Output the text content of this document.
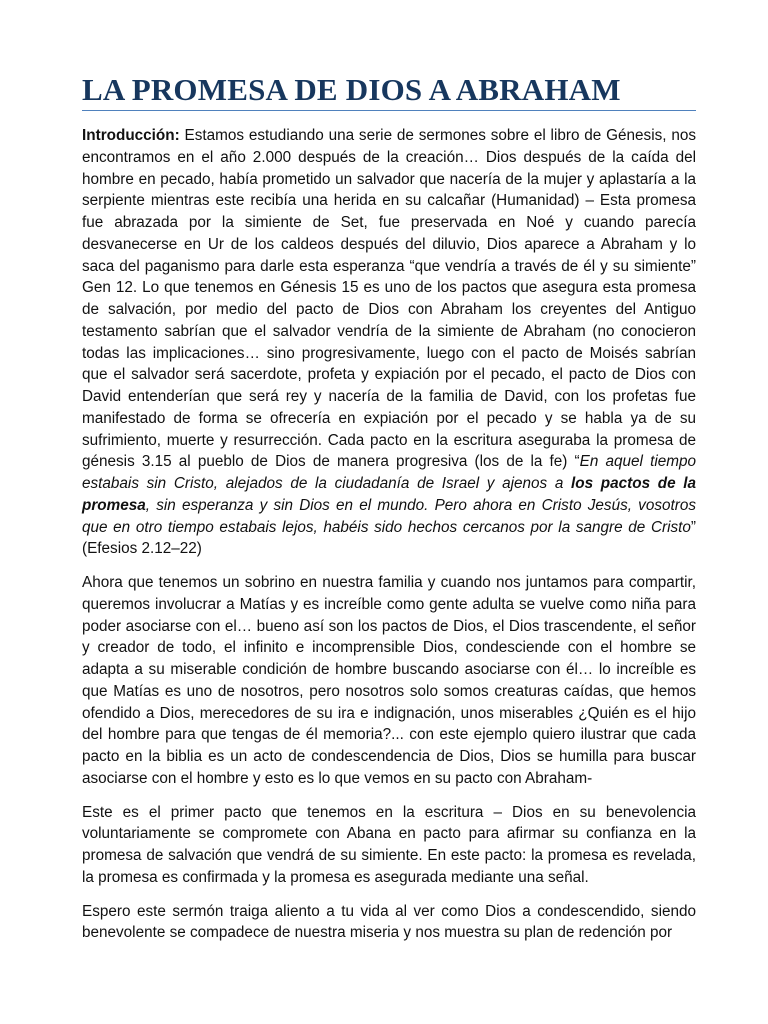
LA PROMESA DE DIOS A ABRAHAM

Introducción: Estamos estudiando una serie de sermones sobre el libro de Génesis, nos encontramos en el año 2.000 después de la creación… Dios después de la caída del hombre en pecado, había prometido un salvador que nacería de la mujer y aplastaría a la serpiente mientras este recibía una herida en su calcañar (Humanidad) – Esta promesa fue abrazada por la simiente de Set, fue preservada en Noé y cuando parecía desvanecerse en Ur de los caldeos después del diluvio, Dios aparece a Abraham y lo saca del paganismo para darle esta esperanza “que vendría a través de él y su simiente” Gen 12. Lo que tenemos en Génesis 15 es uno de los pactos que asegura esta promesa de salvación, por medio del pacto de Dios con Abraham los creyentes del Antiguo testamento sabrían que el salvador vendría de la simiente de Abraham (no conocieron todas las implicaciones… sino progresivamente, luego con el pacto de Moisés sabrían que el salvador será sacerdote, profeta y expiación por el pecado, el pacto de Dios con David entenderían que será rey y nacería de la familia de David, con los profetas fue manifestado de forma se ofrecería en expiación por el pecado y se habla ya de su sufrimiento, muerte y resurrección. Cada pacto en la escritura aseguraba la promesa de génesis 3.15 al pueblo de Dios de manera progresiva (los de la fe) “En aquel tiempo estabais sin Cristo, alejados de la ciudadanía de Israel y ajenos a los pactos de la promesa, sin esperanza y sin Dios en el mundo. Pero ahora en Cristo Jesús, vosotros que en otro tiempo estabais lejos, habéis sido hechos cercanos por la sangre de Cristo” (Efesios 2.12–22)

Ahora que tenemos un sobrino en nuestra familia y cuando nos juntamos para compartir, queremos involucrar a Matías y es increíble como gente adulta se vuelve como niña para poder asociarse con el… bueno así son los pactos de Dios, el Dios trascendente, el señor y creador de todo, el infinito e incomprensible Dios, condesciende con el hombre se adapta a su miserable condición de hombre buscando asociarse con él… lo increíble es que Matías es uno de nosotros, pero nosotros solo somos creaturas caídas, que hemos ofendido a Dios, merecedores de su ira e indignación, unos miserables ¿Quién es el hijo del hombre para que tengas de él memoria?... con este ejemplo quiero ilustrar que cada pacto en la biblia es un acto de condescendencia de Dios, Dios se humilla para buscar asociarse con el hombre y esto es lo que vemos en su pacto con Abraham-

Este es el primer pacto que tenemos en la escritura – Dios en su benevolencia voluntariamente se compromete con Abana en pacto para afirmar su confianza en la promesa de salvación que vendrá de su simiente. En este pacto: la promesa es revelada, la promesa es confirmada y la promesa es asegurada mediante una señal.

Espero este sermón traiga aliento a tu vida al ver como Dios a condescendido, siendo benevolente se compadece de nuestra miseria y nos muestra su plan de redención por
